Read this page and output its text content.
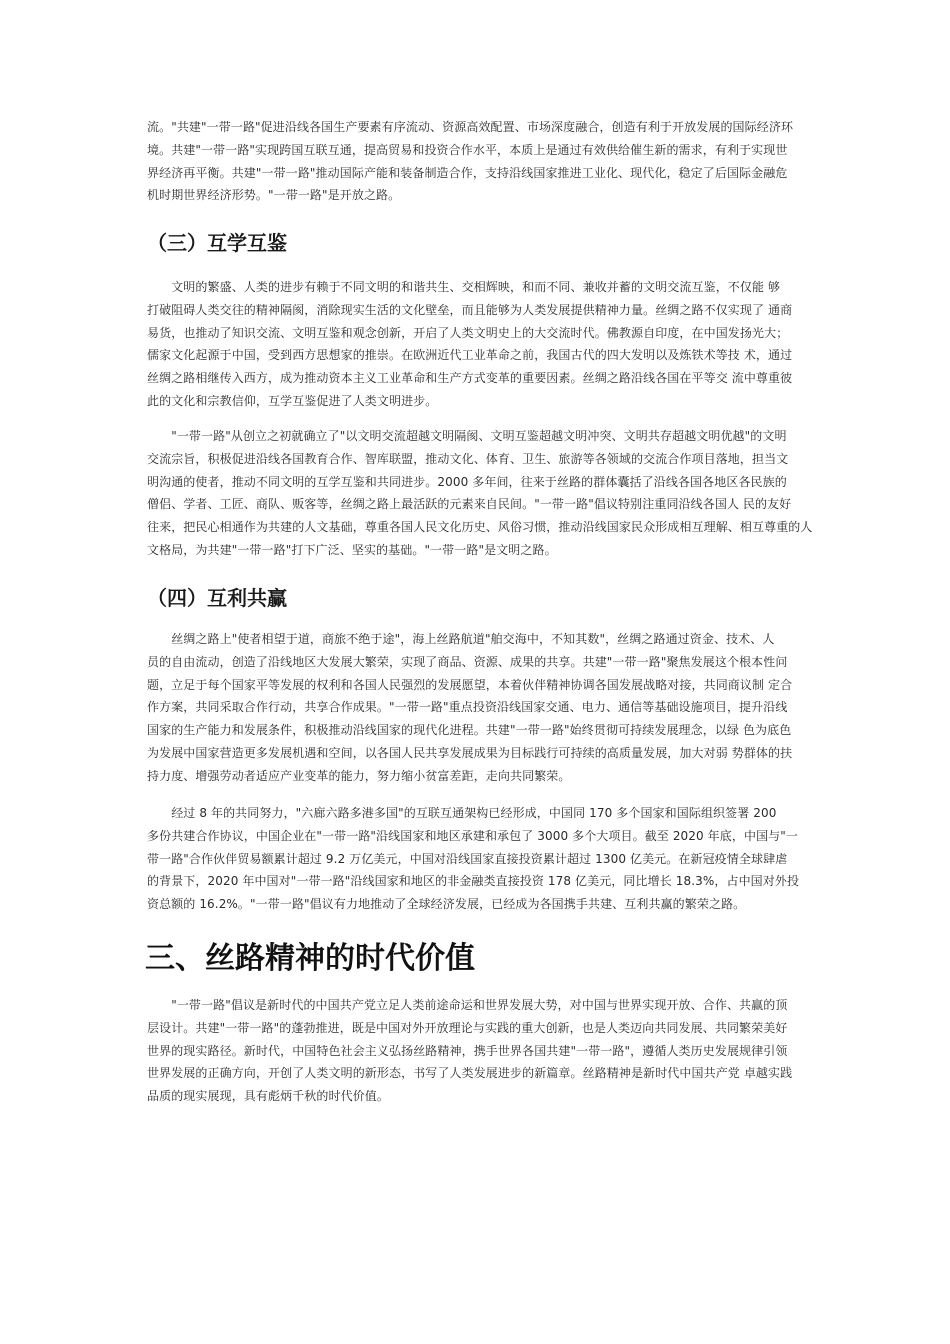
流。"共建"一带一路"促进沿线各国生产要素有序流动、资源高效配置、市场深度融合，创造有利于开放发展的国际经济环
境。共建"一带一路"实现跨国互联互通，提高贸易和投资合作水平，本质上是通过有效供给催生新的需求，有利于实现世
界经济再平衡。共建"一带一路"推动国际产能和装备制造合作，支持沿线国家推进工业化、现代化，稳定了后国际金融危
机时期世界经济形势。"一带一路"是开放之路。
（三）互学互鉴
　　文明的繁盛、人类的进步有赖于不同文明的和谐共生、交相辉映，和而不同、兼收并蓄的文明交流互鉴，不仅能 够
打破阻碍人类交往的精神隔阂，消除现实生活的文化壁垒，而且能够为人类发展提供精神力量。丝绸之路不仅实现了 通商
易货，也推动了知识交流、文明互鉴和观念创新，开启了人类文明史上的大交流时代。佛教源自印度，在中国发扬光大；
儒家文化起源于中国，受到西方思想家的推崇。在欧洲近代工业革命之前，我国古代的四大发明以及炼铁术等技 术，通过
丝绸之路相继传入西方，成为推动资本主义工业革命和生产方式变革的重要因素。丝绸之路沿线各国在平等交 流中尊重彼
此的文化和宗教信仰，互学互鉴促进了人类文明进步。
　　"一带一路"从创立之初就确立了"以文明交流超越文明隔阂、文明互鉴超越文明冲突、文明共存超越文明优越"的文明
交流宗旨，积极促进沿线各国教育合作、智库联盟，推动文化、体育、卫生、旅游等各领域的交流合作项目落地，担当文
明沟通的使者，推动不同文明的互学互鉴和共同进步。2000 多年间，往来于丝路的群体囊括了沿线各国各地区各民族的
僧侣、学者、工匠、商队、贩客等，丝绸之路上最活跃的元素来自民间。"一带一路"倡议特别注重同沿线各国人 民的友好
往来，把民心相通作为共建的人文基础，尊重各国人民文化历史、风俗习惯，推动沿线国家民众形成相互理解、相互尊重的人
文格局，为共建"一带一路"打下广泛、坚实的基础。"一带一路"是文明之路。
（四）互利共赢
　　丝绸之路上"使者相望于道，商旅不绝于途"，海上丝路航道"舶交海中，不知其数"，丝绸之路通过资金、技术、人
员的自由流动，创造了沿线地区大发展大繁荣，实现了商品、资源、成果的共享。共建"一带一路"聚焦发展这个根本性问
题，立足于每个国家平等发展的权利和各国人民强烈的发展愿望，本着伙伴精神协调各国发展战略对接，共同商议制 定合
作方案，共同采取合作行动，共享合作成果。"一带一路"重点投资沿线国家交通、电力、通信等基础设施项目，提升沿线
国家的生产能力和发展条件，积极推动沿线国家的现代化进程。共建"一带一路"始终贯彻可持续发展理念，以绿 色为底色
为发展中国家营造更多发展机遇和空间，以各国人民共享发展成果为目标践行可持续的高质量发展，加大对弱 势群体的扶
持力度、增强劳动者适应产业变革的能力，努力缩小贫富差距，走向共同繁荣。
　　经过 8 年的共同努力，"六廊六路多港多国"的互联互通架构已经形成，中国同 170 多个国家和国际组织签署 200
多份共建合作协议，中国企业在"一带一路"沿线国家和地区承建和承包了 3000 多个大项目。截至 2020 年底，中国与"一
带一路"合作伙伴贸易额累计超过 9.2 万亿美元，中国对沿线国家直接投资累计超过 1300 亿美元。在新冠疫情全球肆虐
的背景下，2020 年中国对"一带一路"沿线国家和地区的非金融类直接投资 178 亿美元，同比增长 18.3%，占中国对外投
资总额的 16.2%。"一带一路"倡议有力地推动了全球经济发展，已经成为各国携手共建、互利共赢的繁荣之路。
三、丝路精神的时代价值
　　"一带一路"倡议是新时代的中国共产党立足人类前途命运和世界发展大势，对中国与世界实现开放、合作、共赢的顶
层设计。共建"一带一路"的蓬勃推进，既是中国对外开放理论与实践的重大创新，也是人类迈向共同发展、共同繁荣美好
世界的现实路径。新时代，中国特色社会主义弘扬丝路精神，携手世界各国共建"一带一路"，遵循人类历史发展规律引领
世界发展的正确方向，开创了人类文明的新形态，书写了人类发展进步的新篇章。丝路精神是新时代中国共产党 卓越实践
品质的现实展现，具有彪炳千秋的时代价值。
